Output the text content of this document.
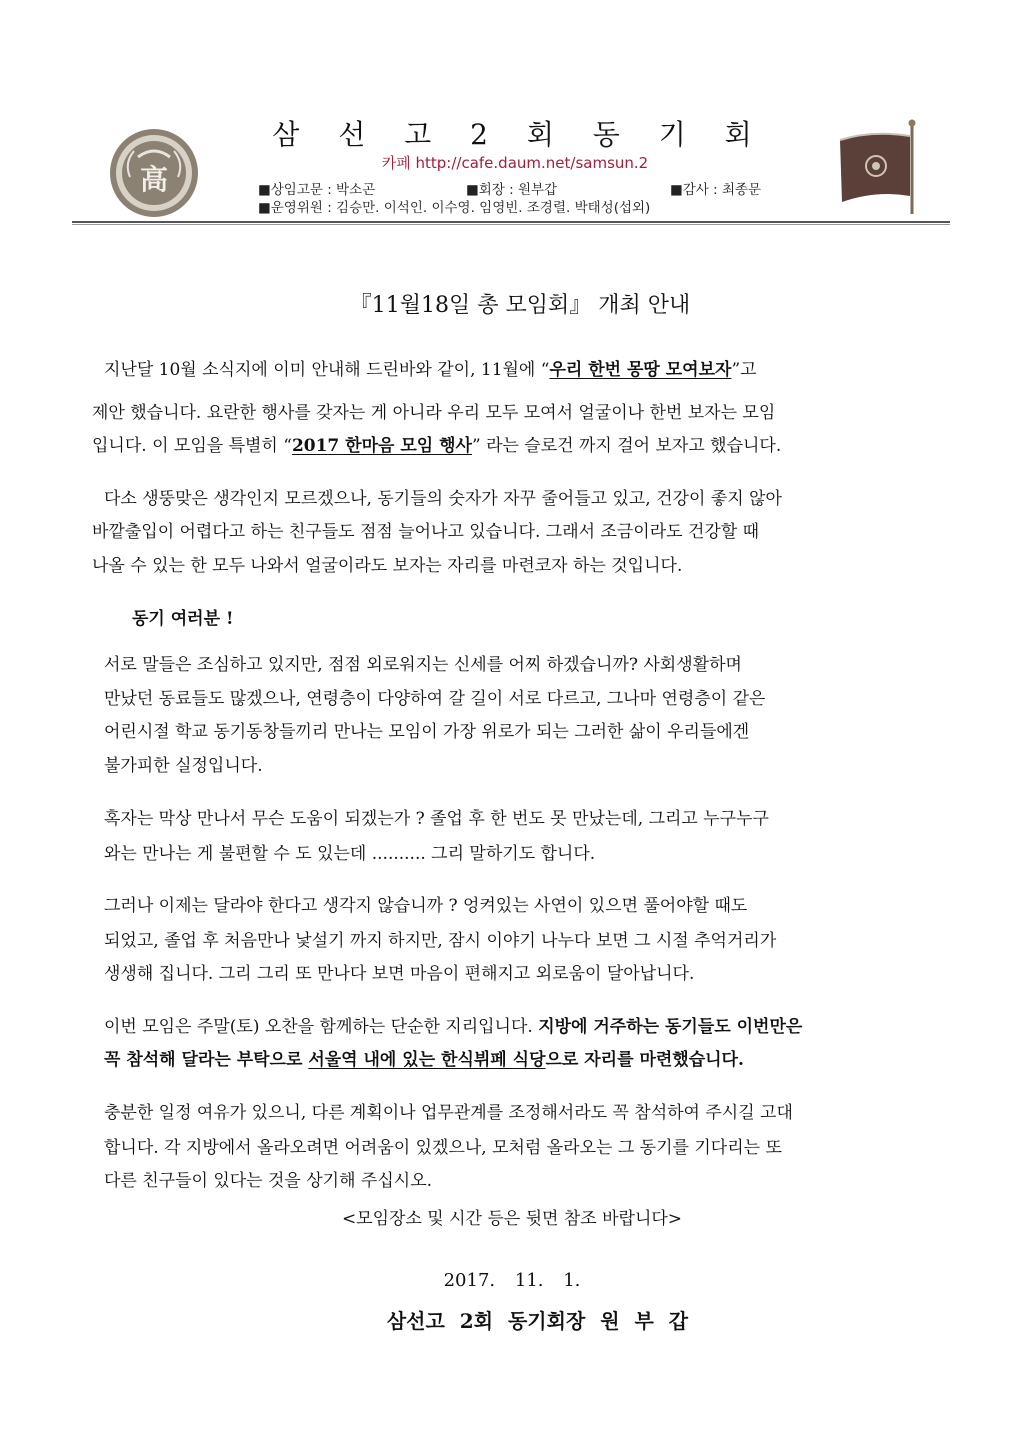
高
삼 선 고 2 회 동 기 회
카페 http://cafe.daum.net/samsun.2
■상임고문 : 박소곤	■회장 : 원부갑	■감사 : 최종문
■운영위원 : 김승만. 이석인. 이수영. 임영빈. 조경렬. 박태성(섭외)
『11월18일 총 모임회』 개최 안내
지난달 10월 소식지에 이미 안내해 드린바와 같이, 11월에 “우리 한번 몽땅 모여보자”고
제안 했습니다. 요란한 행사를 갖자는 게 아니라 우리 모두 모여서 얼굴이나 한번 보자는 모임
입니다. 이 모임을 특별히 “2017 한마음 모임 행사” 라는 슬로건 까지 걸어 보자고 했습니다.
다소 생뚱맞은 생각인지 모르겠으나, 동기들의 숫자가 자꾸 줄어들고 있고, 건강이 좋지 않아
바깥출입이 어렵다고 하는 친구들도 점점 늘어나고 있습니다. 그래서 조금이라도 건강할 때
나올 수 있는 한 모두 나와서 얼굴이라도 보자는 자리를 마련코자 하는 것입니다.
동기 여러분 !
서로 말들은 조심하고 있지만, 점점 외로워지는 신세를 어찌 하겠습니까? 사회생활하며
만났던 동료들도 많겠으나, 연령층이 다양하여 갈 길이 서로 다르고, 그나마 연령층이 같은
어린시절 학교 동기동창들끼리 만나는 모임이 가장 위로가 되는 그러한 삶이 우리들에겐
불가피한 실정입니다.
혹자는 막상 만나서 무슨 도움이 되겠는가 ? 졸업 후 한 번도 못 만났는데, 그리고 누구누구
와는 만나는 게 불편할 수 도 있는데 .......... 그리 말하기도 합니다.
그러나 이제는 달라야 한다고 생각지 않습니까 ? 엉켜있는 사연이 있으면 풀어야할 때도
되었고, 졸업 후 처음만나 낯설기 까지 하지만, 잠시 이야기 나누다 보면 그 시절 추억거리가
생생해 집니다. 그리 그리 또 만나다 보면 마음이 편해지고 외로움이 달아납니다.
이번 모임은 주말(토) 오찬을 함께하는 단순한 지리입니다. 지방에 거주하는 동기들도 이번만은
꼭 참석해 달라는 부탁으로 서울역 내에 있는 한식뷔페 식당으로 자리를 마련했습니다.
충분한 일정 여유가 있으니, 다른 계획이나 업무관계를 조정해서라도 꼭 참석하여 주시길 고대
합니다. 각 지방에서 올라오려면 어려움이 있겠으나, 모처럼 올라오는 그 동기를 기다리는 또
다른 친구들이 있다는 것을 상기해 주십시오.
<모임장소 및 시간 등은 뒷면 참조 바랍니다>
2017. 11. 1.
삼선고 2회 동기회장 원 부 갑
